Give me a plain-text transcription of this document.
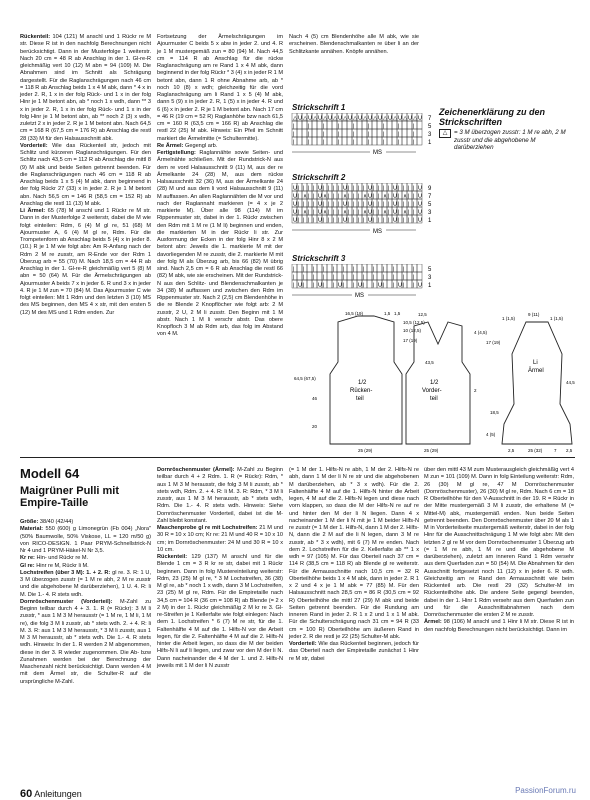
Rückenteil: 104 (121) M anschl und 1 Rückr re M str. Diese R ist in den nachfolg Berechnungen nicht berücksichtigt. Dann in der Musterfolge 1 weiterstr. Nach 20 cm = 48 R ab Anschlag in der 1. Gl-re-R gleichmäßig vert 10 (12) M abn = 94 (109) M. Die Abnahmen sind im Schnitt als Schrägung dargestellt. Für die Raglanschrägungen nach 46 cm = 118 R ab Anschlag beids 1 x 4 M abk, dann * 4 x in jeder 2. R, 1 x in der folg Rück- und 1 x in der folg Hinr je 1 M betont abn, ab * noch 1 x wdh, dann ** 3 x in jeder 2. R, 1 x in der folg Rück- und 1 x in der folg Hinr je 1 M betont abn, ab ** noch 2 (3) x wdh, zuletzt 2 x in jeder 2. R je 1 M betont abn. Nach 64,5 cm = 168 R (67,5 cm = 176 R) ab Anschlag die restl 28 (33) M für den Halsausschnitt abk.

Vorderteil: Wie das Rückenteil str, jedoch mit Schlitz und kürzeren Raglanschrägungen. Für den Schlitz nach 43,5 cm = 112 R ab Anschlag die mittl 8 (9) M abk und beide Seiten getrennt beenden. Für die Raglanschrägungen nach 46 cm = 118 R ab Anschlag beids 1 x 5 (4) M abk, dann beginnend in der folg Rückr 27 (33) x in jeder 2. R je 1 M betont abn. Nach 56,5 cm = 146 R (58,5 cm = 152 R) ab Anschlag die restl 11 (13) M abk.

Li Ärmel: 65 (78) M anschl und 1 Rückr re M str. Dann in der Musterfolge 2 weiterstr, dabei die M wie folgt einteilen: Rdm, 6 (4) M gl re, 51 (68) M Ajourmuster A, 6 (4) M gl re, Rdm. Für die Trompetenform ab Anschlag beids 5 (4) x in jeder 8. (10.) R je 1 M wie folgt abn: Am R-Anfang nach der Rdm 2 M re zusstr, am R-Ende vor der Rdm 1 Überzug arb = 55 (70) M. Nach 18,5 cm = 44 R ab Anschlag in der 1. Gl-re-R gleichmäßig vert 5 (8) M abn = 50 (64) M. Für die Ärmelschrägungen ab Ajourmuster A beids 7 x in jeder 6. R und 3 x in jeder 4. R je 1 M zun = 70 (84) M. Das Ajourmuster C wie folgt einteilen: Mit 1 Rdm und den letzten 3 (10) MS des MS beginnen, den MS 4 x str, mit den ersten 5 (12) M des MS und 1 Rdm enden. Zur

Fortsetzung der Ärmelschrägungen im Ajourmuster C beids 5 x abw in jeder 2. und 4. R je 1 M mustergemäß zun = 80 (94) M. Nach 44,5 cm = 114 R ab Anschlag für die rückw Raglanschrägung am re Rand 1 x 4 M abk, dann beginnend in der folg Rückr * 3 (4) x in jeder R 1 M betont abn, dann 1 R ohne Abnahme arb, ab * noch 10 (8) x wdh; gleichzeitig für die vord Raglanschrägung am li Rand 1 x 5 (4) M abk, dann 5 (9) x in jeder 2. R, 1 (5) x in jeder 4. R und 6 (6) x in jeder 2. R je 1 M betont abn. Nach 17 cm = 46 R (19 cm = 52 R) Raglanhöhe bzw nach 61,5 cm = 160 R (63,5 cm = 166 R) ab Anschlag die restl 22 (25) M abk. Hinweis: Ein Pfeil im Schnitt markiert die Ärmelmitte (= Schultermitte).

Re Ärmel: Gegengl arb.

Fertigstellung: Raglannähte sowie Seiten- und Ärmelnähte schließen. Mit der Rundstrick-N aus dem re vord Halsausschnitt 9 (11) M, aus der re Ärmelkante 24 (28) M, aus dem rückw Halsausschnitt 32 (36) M, aus der Ärmelkante 24 (28) M und aus dem li vord Halsausschnitt 9 (11) M auffassen. An allen Raglannähten die M vor und nach der Raglannaht markieren (= 4 x je 2 markierte M). Über alle 98 (114) M im Rippenmuster str, dabei in der 1. Rückr zwischen den Rdm mit 1 M re (1 M li) beginnen und enden, die markierten M in der Rückr li str. Zur Ausformung der Ecken in der folg Hinr 8 x 2 M betont abn: Jeweils die 1. markierte M mit der davorliegenden M re zusstr, die 2. markierte M mit der folg M als Überzug arb, bis 66 (82) M übrig sind. Nach 2,5 cm = 6 R ab Anschlag die restl 66 (82) M abk, wie sie erscheinen. Mit der Rundstrick-N aus den Schlitz- und Blendenschmalkanten je 34 (38) M auffassen und zwischen den Rdm im Rippenmuster str. Nach 2 (2,5) cm Blendenhöhe in die re Blende 2 Knopflöcher wie folgt arb: 2 M zusstr, 2 U, 2 M li zusstr. Den Beginn mit 1 M abstr. Nach 1 M li verschr abstr. Das obere Knopfloch 3 M ab Rdm arb, das folg im Abstand von 4 M.

Nach 4 (5) cm Blendenhöhe alle M abk, wie sie erscheinen. Blendenschmalkanten re über li an der Schlitzkante annähen. Knöpfe annähen.

Strickschrift 1
△ U △ U △ U △ U △ U △ U △ U △ U △ U △ U △ U △ U △ U
| | | | | | | | |
| | | | | | | | |
| | | | | | | | |
7
5
3
1
MS
Strickschrift 2
U | | | | U | | | | U | | | | U | | | | U | | | | U
U | ∧ | | U ∧ | | | ∧ | | | ∧ U | | ∧ | U | ∧ | | U
U | | | | U | | | | U | | | | U | | | | U | | | | U
U | ∧ | | U ∧ | | | ∧ | | | ∧ U | | ∧ | U | ∧ | | U
U | | | | U | | | | U | | | | U | | | | U | | | | U
9
7
5
3
1
MS
Strickschrift 3
| | | | | | | | | | | | |
| | | | | | | | | | | | |
| U | | U | | U | | U | | U | | U | | U
5
3
1
MS
Zeichenerklärung zu den Strickschriften
△	= 3 M überzogen zusstr: 1 M re abh, 2 M zusstr und die abgehobene M darüberziehen
1/2
Rücken-
teil
16,5 (19)	1,5 1,5
10,5 (12,5)
17 (19)
43,5
64,5 (67,5)
46
20
25 (29)
1/2
Vorder-
teil
12,5
2
4 (4,5)
10 (12,5)
25 (29)
Li
Ärmel
9 (11)
1 (1,5)	1 (1,5)
17 (19)
44,5
18,5
4 (5)
25 (32)
2,5	7 2,5
Modell 64
Maigrüner Pulli mit Empire-Taille

Größe: 38/40 (42/44)

Material: 550 (600) g Limonegrün (Fb 004) „Nora" (50% Baumwolle, 50% Viskose, LL = 120 m/50 g) von RICO-DESIGN. 1 Paar PRYM-Schnellstrick-N Nr 4 und 1 PRYM-Häkel-N Nr 3,5.

Kr re: Hin- und Rückr re M.

Gl re: Hinr re M, Rückr li M.

Lochstreifen (über 3 M): 1. + 2. R: gl re. 3. R: 1 U, 3 M überzogen zusstr (= 1 M re abh, 2 M re zusstr und die abgehobene M darüberziehen), 1 U. 4. R: li M. Die 1.- 4. R stets wdh.

Dornröschenmuster (Vorderteil): M-Zahl zu Beginn teilbar durch 4 + 3. 1. R (= Rückr): 3 M li zusstr, * aus 1 M 3 M herausstr (= 1 M re, 1 M li, 1 M re), die folg 3 M li zusstr, ab * stets wdh. 2. + 4. R: li M. 3. R: aus 1 M 3 M herausstr, * 3 M li zusstr, aus 1 M 3 M herausstr, ab * stets wdh. Die 1.- 4. R stets wdh. Hinweis: In der 1. R werden 2 M abgenommen, diese in der 3. R wieder zugenommen. Die Ab- bzw Zunahmen werden bei der Berechnung der Maschenzahl nicht berücksichtigt. Dann werden 4 M mit dem Ärmel str, die Schulter-R auf die ursprüngliche M-Zahl.

Dornröschenmuster (Ärmel): M-Zahl zu Beginn teilbar durch 4 + 2 Rdm. 1. R (= Rückr): Rdm, * aus 1 M 3 M herausstr, die folg 3 M li zusstr, ab * stets wdh, Rdm. 2. + 4. R: li M. 3. R: Rdm, * 3 M li zusstr, aus 1 M 3 M herausstr, ab * stets wdh, Rdm. Die 1.- 4. R stets wdh. Hinweis: Siehe Dornröschenmuster Vorderteil, dabei ist die M-Zahl bleibt konstant.

Maschenprobe gl re mit Lochstreifen: 21 M und 30 R = 10 x 10 cm; Kr re: 21 M und 40 R = 10 x 10 cm; im Dornröschenmuster: 24 M und 30 R = 10 x 10 cm.

Rückenteil: 129 (137) M anschl und für die Blende 1 cm = 3 R kr re str, dabei mit 1 Rückr beginnen. Dann in folg Mustereinteilung weiterstr: Rdm, 23 (25) M gl re, * 3 M Lochstreifen, 36 (38) M gl re, ab * noch 1 x wdh, dann 3 M Lochstreifen, 23 (25) M gl re, Rdm. Für die Empiretaille nach 34,5 cm = 104 R (36 cm = 108 R) ab Blende (= 2 x 2 M) in der 1. Rückr gleichmäßig 2 M kr re 3. Gl-re-Streifen je 1 Kellerfalte wie folgt einlegen: Nach dem 1. Lochstreifen * 6 (7) M re str, für die 1. Faltenhälfte 4 M auf die 1. Hilfs-N vor die Arbeit legen, für die 2. Faltenhälfte 4 M auf die 2. Hilfs-N hinter die Arbeit legen, so dass die M der beiden Hilfs-N li auf li liegen, und zwar vor den M der li N. Dann nacheinander die 4 M der 1. und 2. Hilfs-N jeweils mit 1 M der li N zusstr

(= 1 M der 1. Hilfs-N re abh, 1 M der 2. Hilfs-N re abh, dann 1 M der li N re str und die abgehobenen M darüberziehen, ab * 3 x wdh). Für die 2. Faltenhälfte 4 M auf die 1. Hilfs-N hinter die Arbeit legen, 4 M auf die 2. Hilfs-N legen und diese nach vorn klappen, so dass die M der Hilfs-N re auf re und hinter den M der li N liegen. Dann 4 x nacheinander 1 M der li N mit je 1 M beider Hilfs-N re zusstr (= 1 M der 1. Hilfs-N, dann 1 M der 2. Hilfs-N, dann die 2 M auf die li N legen, dann 3 M re zusstr, ab * 3 x wdh), mit 6 (7) M re enden. Nach dem 2. Lochstreifen für die 2. Kellerfalte ab ** 1 x wdh = 97 (105) M. Für das Oberteil nach 37 cm = 114 R (38,5 cm = 118 R) ab Blende gl re weiterstr. Für die Armausschnitte nach 10,5 cm = 32 R Oberteilhöhe beids 1 x 4 M abk, dann in jeder 2. R 1 x 2 und 4 x je 1 M abk = 77 (85) M. Für den Halsausschnitt nach 28,5 cm = 86 R (30,5 cm = 92 R) Oberteilhöhe die mittl 27 (29) M abk und beide Seiten getrennt beenden. Für die Rundung am inneren Rand in jeder 2. R 1 x 2 und 1 x 1 M abk. Für die Schulterschrägung nach 31 cm = 94 R (33 cm = 100 R) Oberteilhöhe am äußeren Rand in jeder 2. R die restl je 22 (25) Schulter-M abk.

Vorderteil: Wie das Rückenteil beginnen, jedoch für das Oberteil nach der Empiretaille zunächst 1 Hinr re M str, dabei

über den mittl 43 M zum Musterausgleich gleichmäßig vert 4 M zun = 101 (109) M. Dann in folg Einteilung weiterstr: Rdm, 26 (30) M gl re, 47 M Dornröschenmuster (Dornröschenmuster), 26 (30) M gl re, Rdm. Nach 6 cm = 18 R Oberteilhöhe für den V-Ausschnitt in der 19. R = Rückr in der Mitte mustergemäß 3 M li zusstr, die erhaltene M (= Mittel-M) abk, mustergemäß enden. Nun beide Seiten getrennt beenden. Den Dornröschenmuster über 20 M als 1 M in Vorderteilseite mustergemäß weiterstr, dabei in der folg Hinr für die Ausschnittschrägung 1 M wie folgt abn: Mit den letzten 2 gl re M vor dem Dornröschenmuster 1 Überzug arb (= 1 M re abh, 1 M re und die abgehobene M darüberziehen), zuletzt am inneren Rand 1 Rdm versehr aus dem Querfaden zun = 50 (54) M. Die Abnahmen für den Ausschnitt fortgesetzt noch 11 (12) x in jeder 6. R wdh. Gleichzeitig am re Rand den Armausschnitt wie beim Rückenteil arb. Die restl 29 (32) Schulter-M im Rückenteilhöhe abk. Die andere Seite gegengl beenden, dabei in der 1. Hinr 1 Rdm versehr aus dem Querfaden zun und für die Ausschnittabnahmen nach dem Dornröschenmuster die ersten 2 M re zusstr.

Ärmel: 98 (106) M anschl und 1 Hinr li M str. Diese R ist in den nachfolg Berechnungen nicht berücksichtigt. Dann im

60 Anleitungen	PassionForum.ru
